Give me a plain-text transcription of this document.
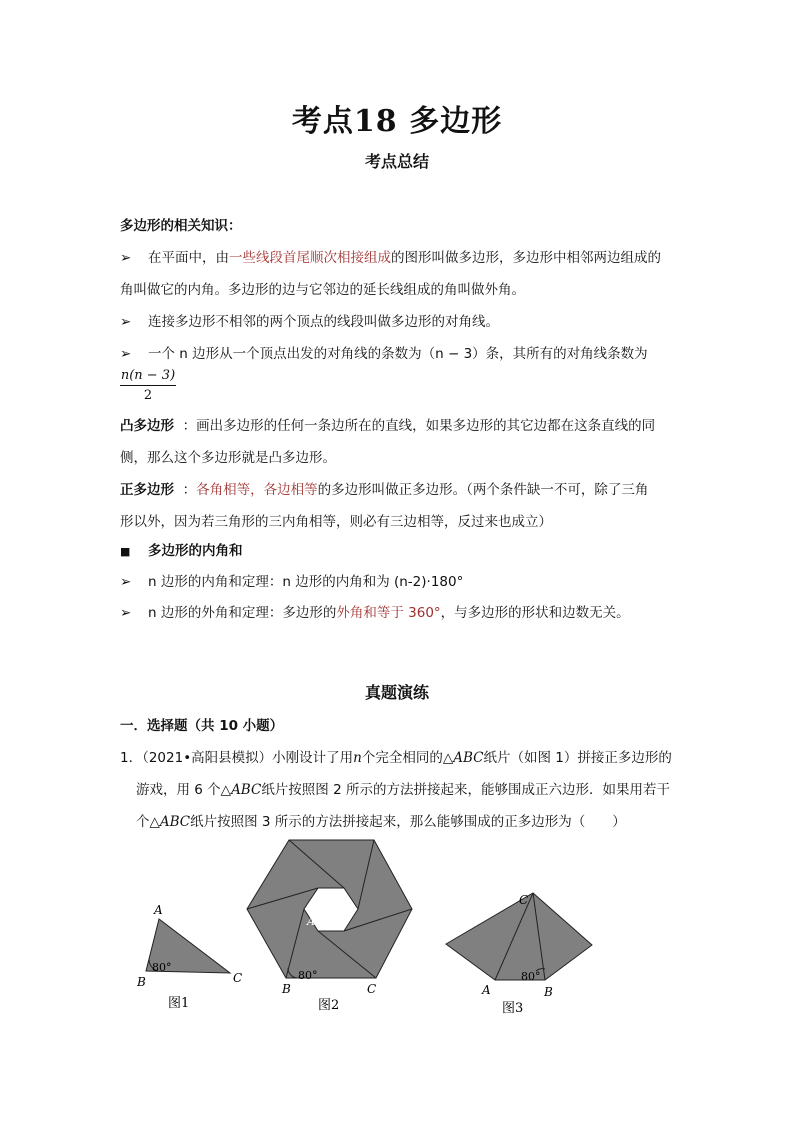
考点18 多边形
考点总结
多边形的相关知识：
➢ 在平面中，由一些线段首尾顺次相接组成的图形叫做多边形，多边形中相邻两边组成的
角叫做它的内角。多边形的边与它邻边的延长线组成的角叫做外角。
➢ 连接多边形不相邻的两个顶点的线段叫做多边形的对角线。
➢ 一个 n 边形从一个顶点出发的对角线的条数为（n − 3）条，其所有的对角线条数为
$\frac{n(n - 3)}{2}$
凸多边形 ：画出多边形的任何一条边所在的直线，如果多边形的其它边都在这条直线的同
侧，那么这个多边形就是凸多边形。
正多边形 ：各角相等，各边相等的多边形叫做正多边形。（两个条件缺一不可，除了三角
形以外，因为若三角形的三内角相等，则必有三边相等，反过来也成立）
■ 多边形的内角和
➢ n 边形的内角和定理：n 边形的内角和为 (n-2)·180°
➢ n 边形的外角和定理：多边形的外角和等于 360°，与多边形的形状和边数无关。
真题演练
一．选择题（共 10 小题）
1．（2021•高阳县模拟）小刚设计了用n个完全相同的△ABC纸片（如图 1）拼接正多边形的
游戏，用 6 个△ABC纸片按照图 2 所示的方法拼接起来，能够围成正六边形．如果用若干
个△ABC纸片按照图 3 所示的方法拼接起来，那么能够围成的正多边形为（　　）
A
B	C
80°
图1
A
B	C
80°
图2
C
A	B
80°
图3
